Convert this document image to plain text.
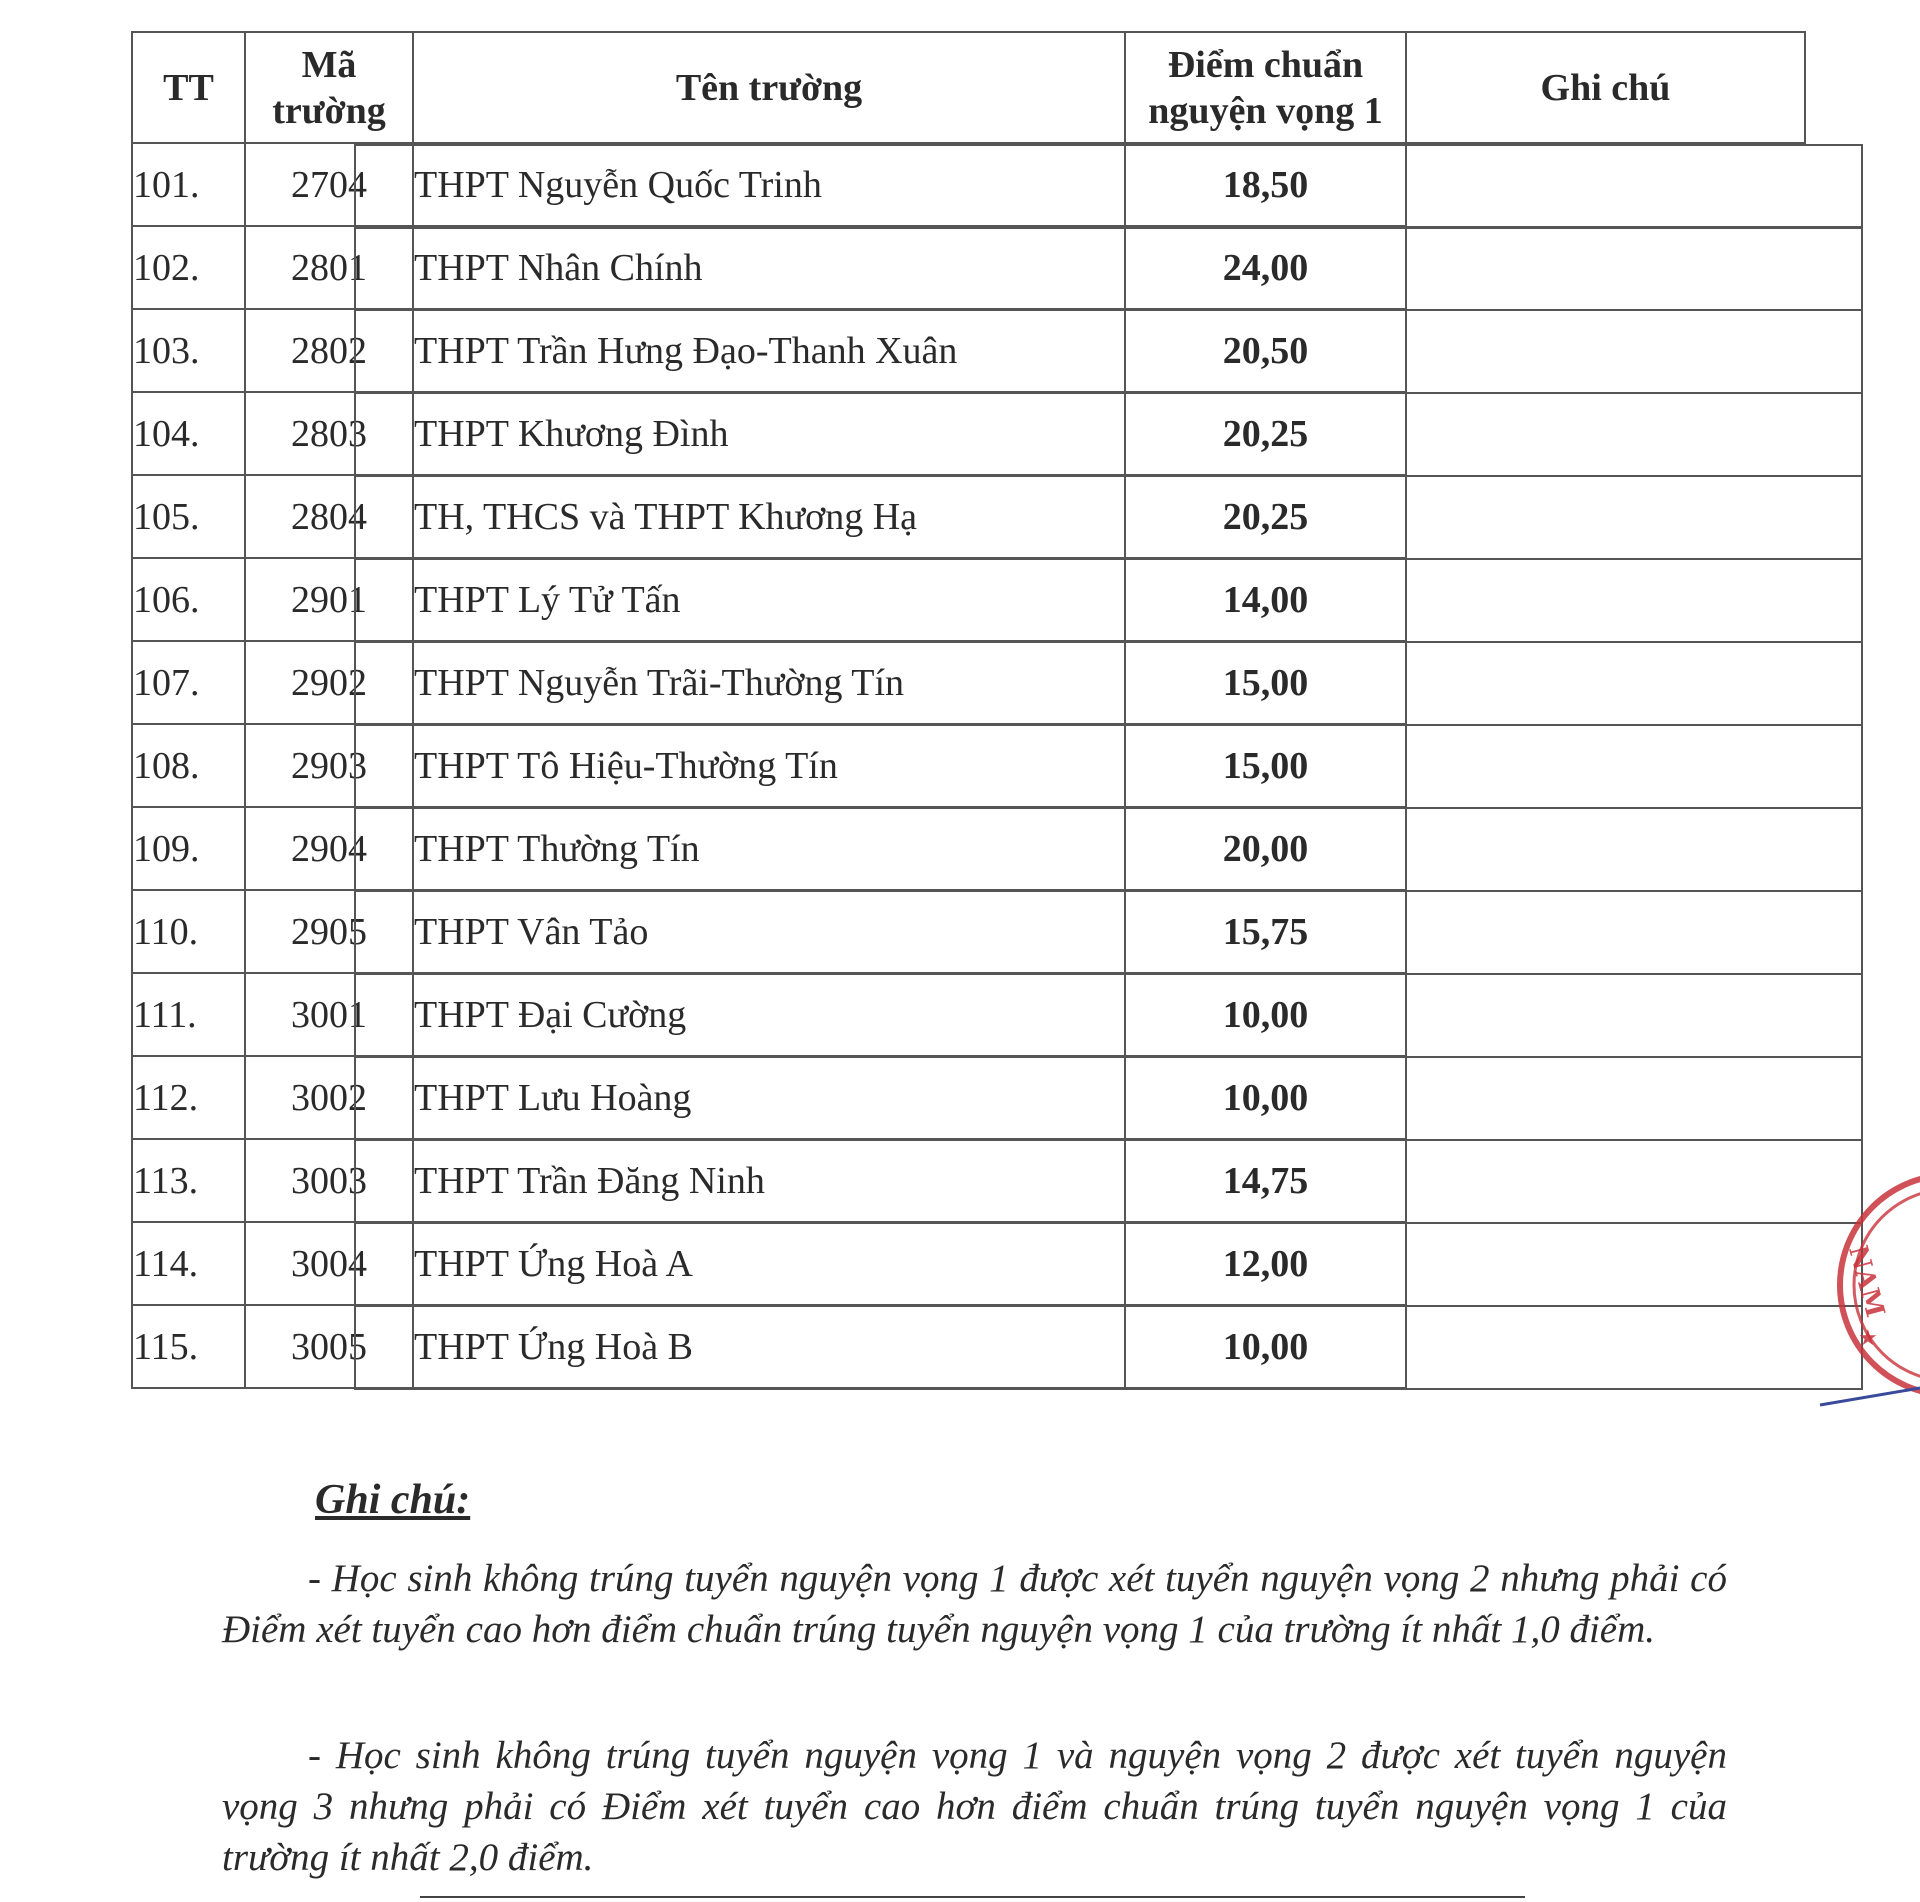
TT	Mã trường	Tên trường	Điểm chuẩn nguyện vọng 1	Ghi chú
101.	2704	THPT Nguyễn Quốc Trinh	18,50	

102.	2801	THPT Nhân Chính	24,00	

103.	2802	THPT Trần Hưng Đạo-Thanh Xuân	20,50	

104.	2803	THPT Khương Đình	20,25	

105.	2804	TH, THCS và THPT Khương Hạ	20,25	

106.	2901	THPT Lý Tử Tấn	14,00	

107.	2902	THPT Nguyễn Trãi-Thường Tín	15,00	

108.	2903	THPT Tô Hiệu-Thường Tín	15,00	

109.	2904	THPT Thường Tín	20,00	

110.	2905	THPT Vân Tảo	15,75	

111.	3001	THPT Đại Cường	10,00	

112.	3002	THPT Lưu Hoàng	10,00	

113.	3003	THPT Trần Đăng Ninh	14,75	

114.	3004	THPT Ứng Hoà A	12,00	

115.	3005	THPT Ứng Hoà B	10,00	

Ghi chú:

- Học sinh không trúng tuyển nguyện vọng 1 được xét tuyển nguyện vọng 2 nhưng phải có Điểm xét tuyển cao hơn điểm chuẩn trúng tuyển nguyện vọng 1 của trường ít nhất 1,0 điểm.

- Học sinh không trúng tuyển nguyện vọng 1 và nguyện vọng 2 được xét tuyển nguyện vọng 3 nhưng phải có Điểm xét tuyển cao hơn điểm chuẩn trúng tuyển nguyện vọng 1 của trường ít nhất 2,0 điểm.

NAM
★
